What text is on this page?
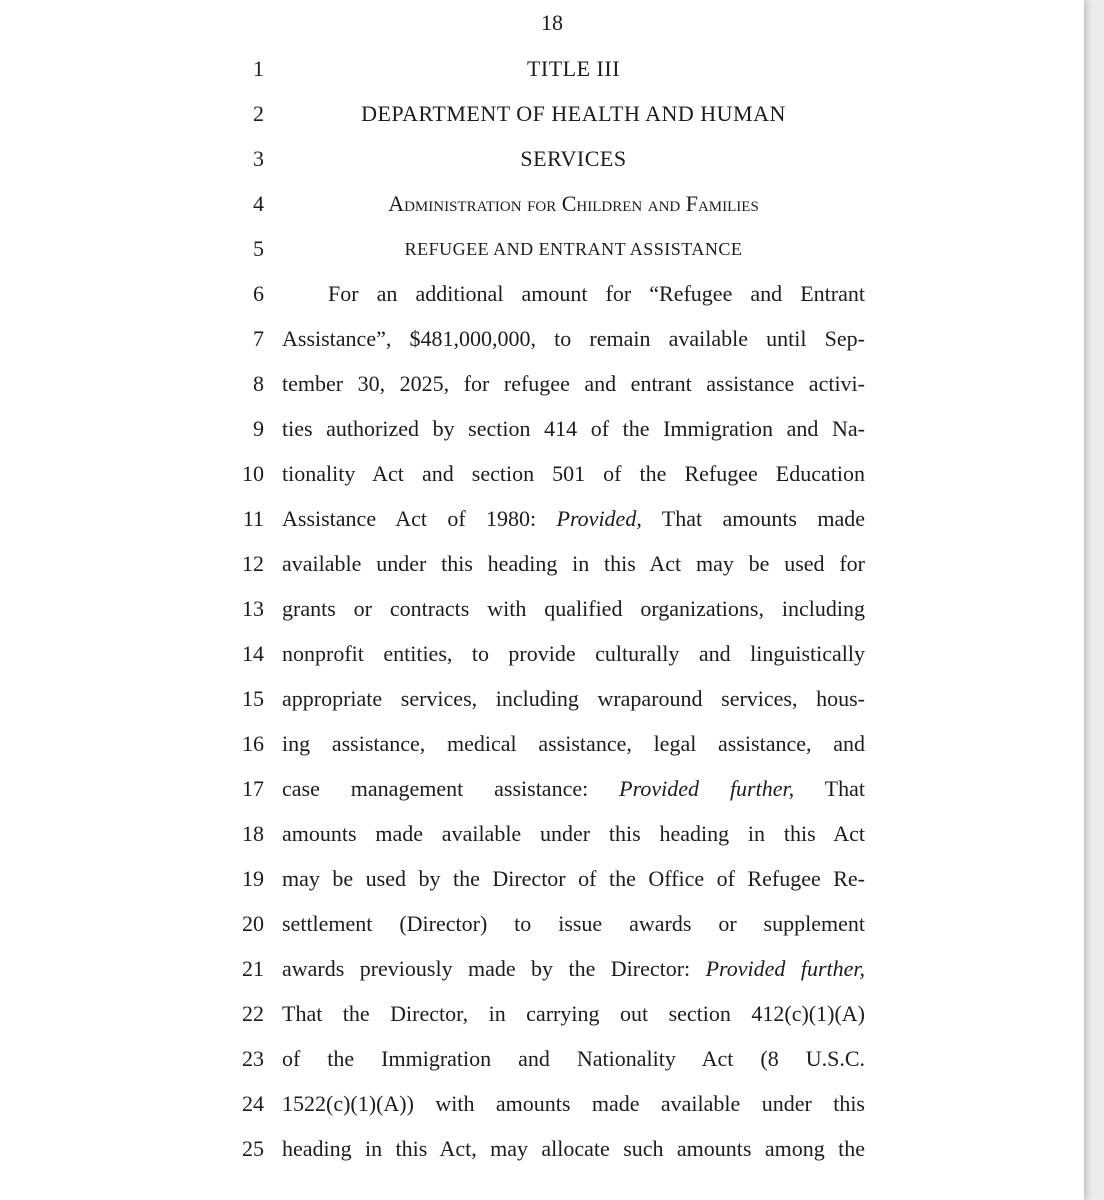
18
1	TITLE III
2	DEPARTMENT OF HEALTH AND HUMAN
3	SERVICES
4	Administration for Children and Families
5	REFUGEE AND ENTRANT ASSISTANCE
6	For an additional amount for “Refugee and Entrant
7 Assistance”, $481,000,000, to remain available until Sep-
8 tember 30, 2025, for refugee and entrant assistance activi-
9 ties authorized by section 414 of the Immigration and Na-
10 tionality Act and section 501 of the Refugee Education
11 Assistance Act of 1980: Provided, That amounts made
12 available under this heading in this Act may be used for
13 grants or contracts with qualified organizations, including
14 nonprofit entities, to provide culturally and linguistically
15 appropriate services, including wraparound services, hous-
16 ing assistance, medical assistance, legal assistance, and
17 case management assistance: Provided further, That
18 amounts made available under this heading in this Act
19 may be used by the Director of the Office of Refugee Re-
20 settlement (Director) to issue awards or supplement
21 awards previously made by the Director: Provided further,
22 That the Director, in carrying out section 412(c)(1)(A)
23 of the Immigration and Nationality Act (8 U.S.C.
24 1522(c)(1)(A)) with amounts made available under this
25 heading in this Act, may allocate such amounts among the
